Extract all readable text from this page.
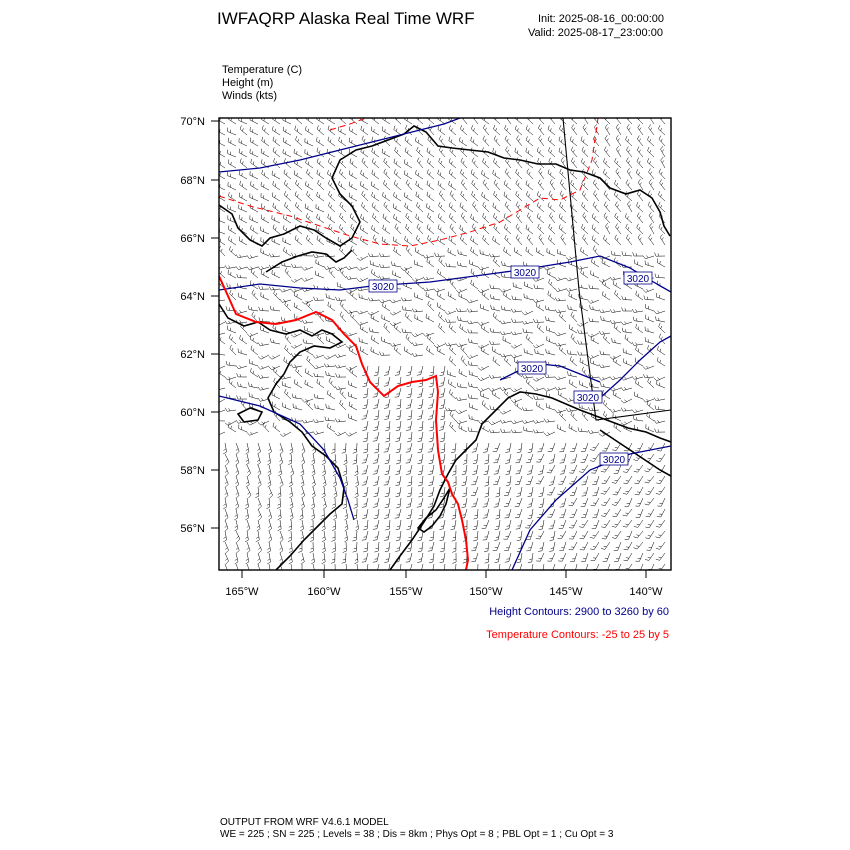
IWFAQRP Alaska Real Time WRF	Init: 2025-08-16_00:00:00
Valid: 2025-08-17_23:00:00
Temperature (C)
Height (m)
Winds (kts)
3020
3020
3020
3020
3020
3020
70°N
68°N
66°N
64°N
62°N
60°N
58°N
56°N
165°W	160°W	155°W	150°W	145°W	140°W
Height Contours: 2900 to 3260 by 60
Temperature Contours: -25 to 25 by 5
OUTPUT FROM WRF V4.6.1 MODEL
WE = 225 ; SN = 225 ; Levels = 38 ; Dis = 8km ; Phys Opt = 8 ; PBL Opt = 1 ; Cu Opt = 3
